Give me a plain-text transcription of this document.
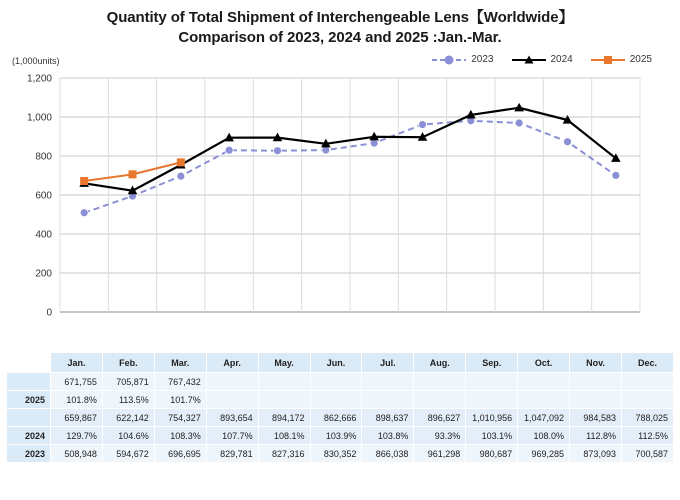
Quantity of Total Shipment of Interchengeable Lens【Worldwide】
Comparison of 2023, 2024 and 2025 :Jan.-Mar.
(1,000units)	2023	2024	2025
0
200
400
600
800
1,000
1,200
	Jan.	Feb.	Mar.	Apr.	May.	Jun.	Jul.	Aug.	Sep.	Oct.	Nov.	Dec.
	671,755	705,871	767,432									
2025	101.8%	113.5%	101.7%									
	659,867	622,142	754,327	893,654	894,172	862,666	898,637	896,627	1,010,956	1,047,092	984,583	788,025
2024	129.7%	104.6%	108.3%	107.7%	108.1%	103.9%	103.8%	93.3%	103.1%	108.0%	112.8%	112.5%
2023	508,948	594,672	696,695	829,781	827,316	830,352	866,038	961,298	980,687	969,285	873,093	700,587
